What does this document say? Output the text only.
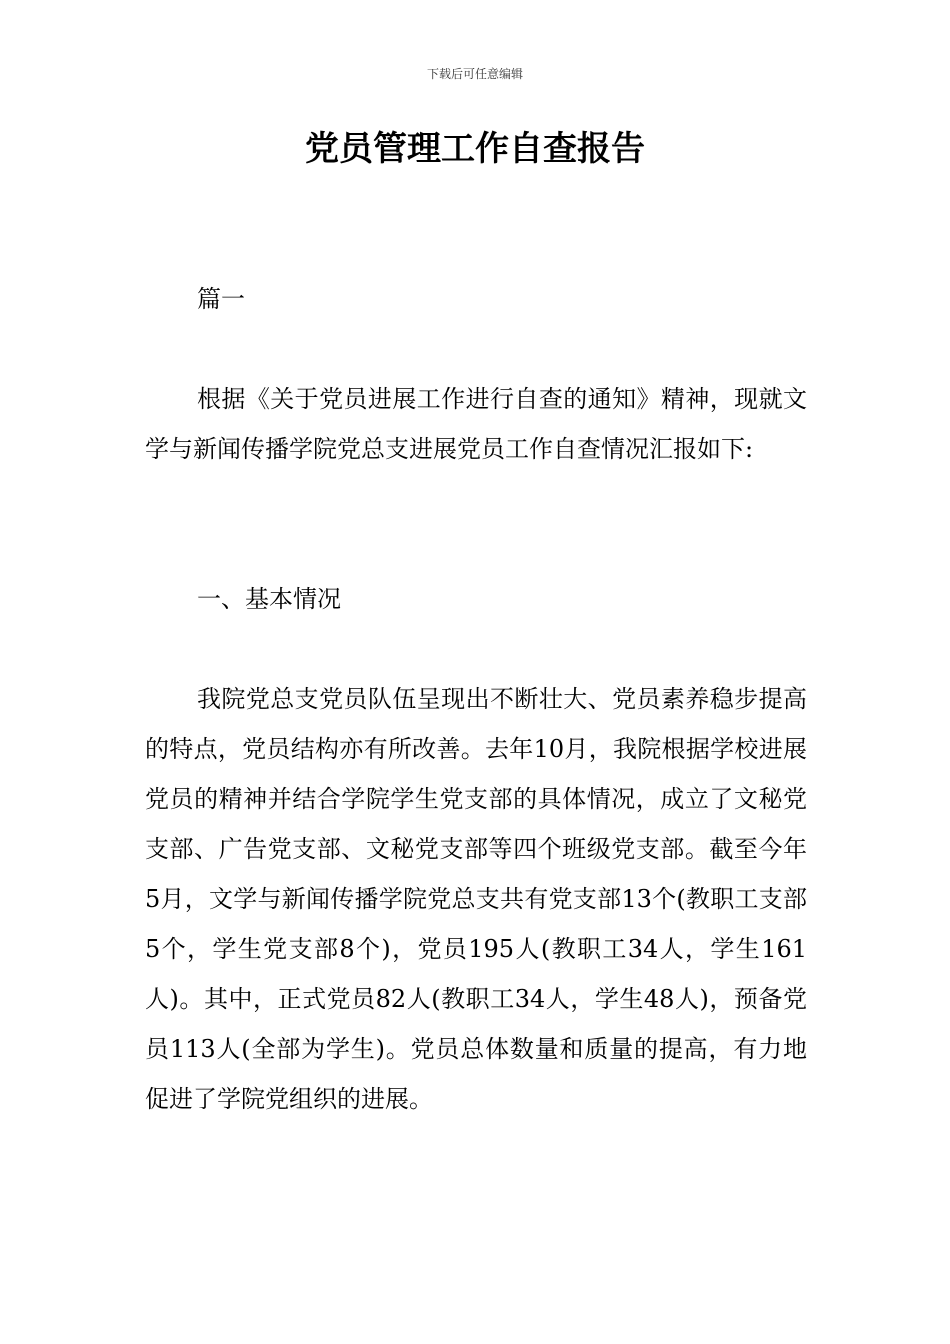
下载后可任意编辑
党员管理工作自查报告

篇一

根据《关于党员进展工作进行自查的通知》精神，现就文学与新闻传播学院党总支进展党员工作自查情况汇报如下:

一、基本情况

我院党总支党员队伍呈现出不断壮大、党员素养稳步提高的特点，党员结构亦有所改善。去年10月，我院根据学校进展党员的精神并结合学院学生党支部的具体情况，成立了文秘党支部、广告党支部、文秘党支部等四个班级党支部。截至今年5月，文学与新闻传播学院党总支共有党支部13个(教职工支部5个，学生党支部8个)，党员195人(教职工34人，学生161人)。其中，正式党员82人(教职工34人，学生48人)，预备党员113人(全部为学生)。党员总体数量和质量的提高，有力地促进了学院党组织的进展。
